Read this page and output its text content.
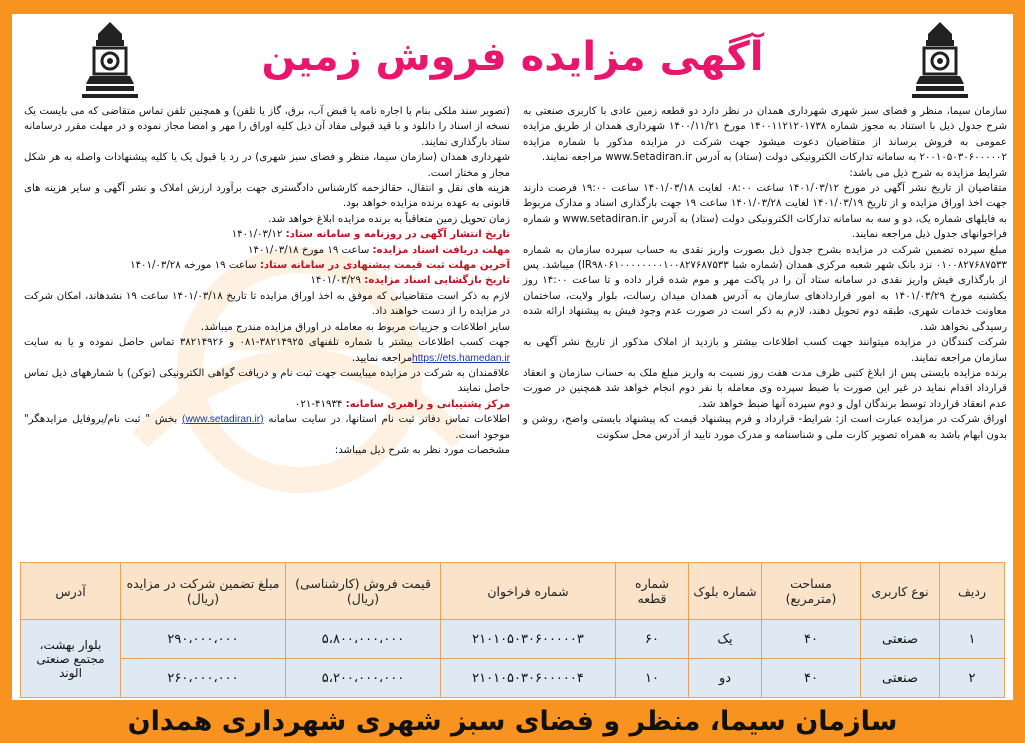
آگهی مزایده فروش زمین

سازمان سیما، منظر و فضای سبز شهری شهرداری همدان در نظر دارد دو قطعه زمین عادی با کاربری صنعتی به شرح جدول ذیل با استناد به مجوز شماره ۱۴۰۰۱۱۲۱۲۰۱۷۳۸ مورخ ۱۴۰۰/۱۱/۲۱ شهرداری همدان از طریق مزایده عمومی به فروش برساند از متقاضیان دعوت میشود جهت شرکت در مزایده مذکور با شماره مزایده ۲۰۰۱۰۵۰۳۰۶۰۰۰۰۰۲ به سامانه تدارکات الکترونیکی دولت (ستاد) به آدرس www.Setadiran.ir مراجعه نمایند.

شرایط مزایده به شرح ذیل می باشد:

متقاضیان از تاریخ نشر آگهی در مورخ ۱۴۰۱/۰۳/۱۲ ساعت ۰۸:۰۰ لغایت ۱۴۰۱/۰۳/۱۸ ساعت ۱۹:۰۰ فرصت دارند جهت اخذ اوراق مزایده و از تاریخ ۱۴۰۱/۰۳/۱۹ لغایت ۱۴۰۱/۰۳/۲۸ ساعت ۱۹ جهت بارگذاری اسناد و مدارک مربوط به فایلهای شماره یک، دو و سه به سامانه تدارکات الکترونیکی دولت (ستاد) به آدرس www.setadiran.ir و شماره فراخوانهای جدول ذیل مراجعه نمایند.

مبلغ سپرده تضمین شرکت در مزایده بشرح جدول ذیل بصورت واریز نقدی به حساب سپرده سازمان به شماره ۰۱۰۰۸۲۷۶۸۷۵۳۳ نزد بانک شهر شعبه مرکزی همدان (شماره شبا IR۹۸۰۶۱۰۰۰۰۰۰۰۰۱۰۰۸۲۷۶۸۷۵۳۳) میباشد. پس از بارگذاری فیش واریز نقدی در سامانه ستاد آن را در پاکت مهر و موم شده قرار داده و تا ساعت ۱۴:۰۰ روز یکشنبه مورخ ۱۴۰۱/۰۳/۲۹ به امور قراردادهای سازمان به آدرس همدان میدان رسالت، بلوار ولایت، ساختمان معاونت خدمات شهری، طبقه دوم تحویل دهند، لازم به ذکر است در صورت عدم وجود فیش به پیشنهاد ارائه شده رسیدگی نخواهد شد.

شرکت کنندگان در مزایده میتوانند جهت کسب اطلاعات بیشتر و بازدید از املاک مذکور از تاریخ نشر آگهی به سازمان مراجعه نمایند.

برنده مزایده بایستی پس از ابلاغ کتبی ظرف مدت هفت روز نسبت به واریز مبلغ ملک به حساب سازمان و انعقاد قرارداد اقدام نماید در غیر این صورت با ضبط سپرده وی معامله با نفر دوم انجام خواهد شد همچنین در صورت عدم انعقاد قرارداد توسط برندگان اول و دوم سپرده آنها ضبط خواهد شد.

اوراق شرکت در مزایده عبارت است از: شرایط- قرارداد و فرم پیشنهاد قیمت که پیشنهاد بایستی واضح، روشن و بدون ابهام باشد به همراه تصویر کارت ملی و شناسنامه و مدرک مورد تایید از آدرس محل سکونت

(تصویر سند ملکی بنام یا اجاره نامه یا قبض آب، برق، گاز یا تلفن) و همچنین تلفن تماس متقاضی که می بایست یک نسخه از اسناد را دانلود و با قید قبولی مفاد آن ذیل کلیه اوراق را مهر و امضا مجاز نموده و در مهلت مقرر درسامانه ستاد بارگذاری نمایند.

شهرداری همدان (سازمان سیما، منظر و فضای سبز شهری) در رد یا قبول یک یا کلیه پیشنهادات واصله به هر شکل مجاز و مختار است.

هزینه های نقل و انتقال، حقالزحمه کارشناس دادگستری جهت برآورد ارزش املاک و نشر آگهی و سایر هزینه های قانونی به عهده برنده مزایده خواهد بود.

زمان تحویل زمین متعاقباً به برنده مزایده ابلاغ خواهد شد.

تاریخ انتشار آگهی در روزنامه و سامانه ستاد: ۱۴۰۱/۰۳/۱۲

مهلت دریافت اسناد مزایده: ساعت ۱۹ مورخ ۱۴۰۱/۰۳/۱۸

آخرین مهلت ثبت قیمت پیشنهادی در سامانه ستاد: ساعت ۱۹ مورخه ۱۴۰۱/۰۳/۲۸

تاریخ بازگشایی اسناد مزایده: ۱۴۰۱/۰۳/۲۹

لازم به ذکر است متقاضیانی که موفق به اخذ اوراق مزایده تا تاریخ ۱۴۰۱/۰۳/۱۸ ساعت ۱۹ نشدهاند، امکان شرکت در مزایده را از دست خواهند داد.

سایر اطلاعات و جزییات مربوط به معامله در اوراق مزایده مندرج میباشد.

جهت کسب اطلاعات بیشتر با شماره تلفنهای ۳۸۲۱۴۹۲۵-۰۸۱ و ۳۸۲۱۴۹۲۶ تماس حاصل نموده و یا به سایت https://ets.hamedan.irمراجعه نمایید.

علاقمندان به شرکت در مزایده میبایست جهت ثبت نام و دریافت گواهی الکترونیکی (توکن) با شمارههای ذیل تماس حاصل نمایند

مرکز پشتیبانی و راهبری سامانه: ۴۱۹۳۴-۰۲۱

اطلاعات تماس دفاتر ثبت نام استانها، در سایت سامانه (www.setadiran.ir) بخش " ثبت نام/پروفایل مزایدهگر" موجود است.

مشخصات مورد نظر به شرح ذیل میباشد:

ردیف	نوع کاربری	مساحت (مترمربع)	شماره بلوک	شماره قطعه	شماره فراخوان	قیمت فروش (کارشناسی) (ریال)	مبلغ تضمین شرکت در مزایده (ریال)	آدرس
۱	صنعتی	۴۰	یک	۶۰	۲۱۰۱۰۵۰۳۰۶۰۰۰۰۰۳	۵،۸۰۰،۰۰۰،۰۰۰	۲۹۰،۰۰۰،۰۰۰	بلوار بهشت، مجتمع صنعتی الوند
۲	صنعتی	۴۰	دو	۱۰	۲۱۰۱۰۵۰۳۰۶۰۰۰۰۰۴	۵،۲۰۰،۰۰۰،۰۰۰	۲۶۰،۰۰۰،۰۰۰	
سازمان سیما، منظر و فضای سبز شهری شهرداری همدان
